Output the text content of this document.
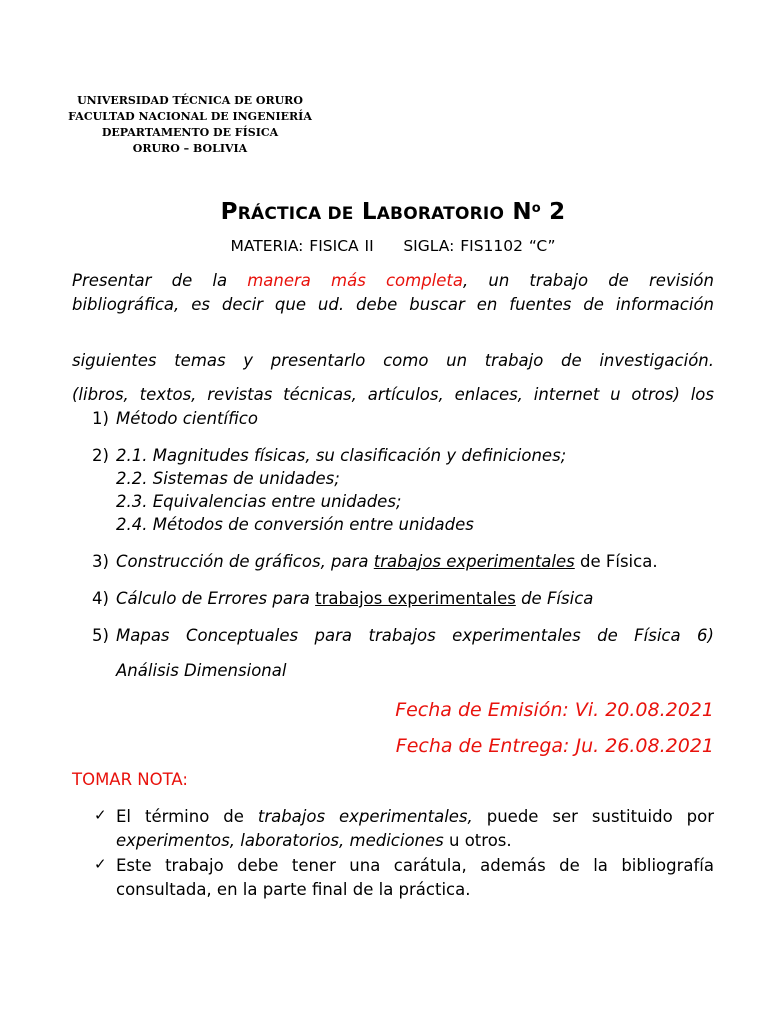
UNIVERSIDAD TÉCNICA DE ORURO
FACULTAD NACIONAL DE INGENIERÍA
DEPARTAMENTO DE FÍSICA
ORURO – BOLIVIA
PRÁCTICA DE LABORATORIO $N^o$ 2
MATERIA: FISICA II     SIGLA: FIS1102 “C”
Presentar de la manera más completa, un trabajo de revisión
bibliográfica, es decir que ud. debe buscar en fuentes de información
siguientes temas y presentarlo como un trabajo de investigación.
(libros, textos, revistas técnicas, artículos, enlaces, internet u otros) los
1) Método científico
2) 2.1. Magnitudes físicas, su clasificación y definiciones;
2.2. Sistemas de unidades;
2.3. Equivalencias entre unidades;
2.4. Métodos de conversión entre unidades
3) Construcción de gráficos, para trabajos experimentales de Física.
4) Cálculo de Errores para trabajos experimentales de Física
5) Mapas Conceptuales para trabajos experimentales de Física 6)
Análisis Dimensional
Fecha de Emisión: Vi. 20.08.2021
Fecha de Entrega: Ju. 26.08.2021
TOMAR NOTA:
✓ El término de trabajos experimentales, puede ser sustituido por
experimentos, laboratorios, mediciones u otros.
✓ Este trabajo debe tener una carátula, además de la bibliografía
consultada, en la parte final de la práctica.
